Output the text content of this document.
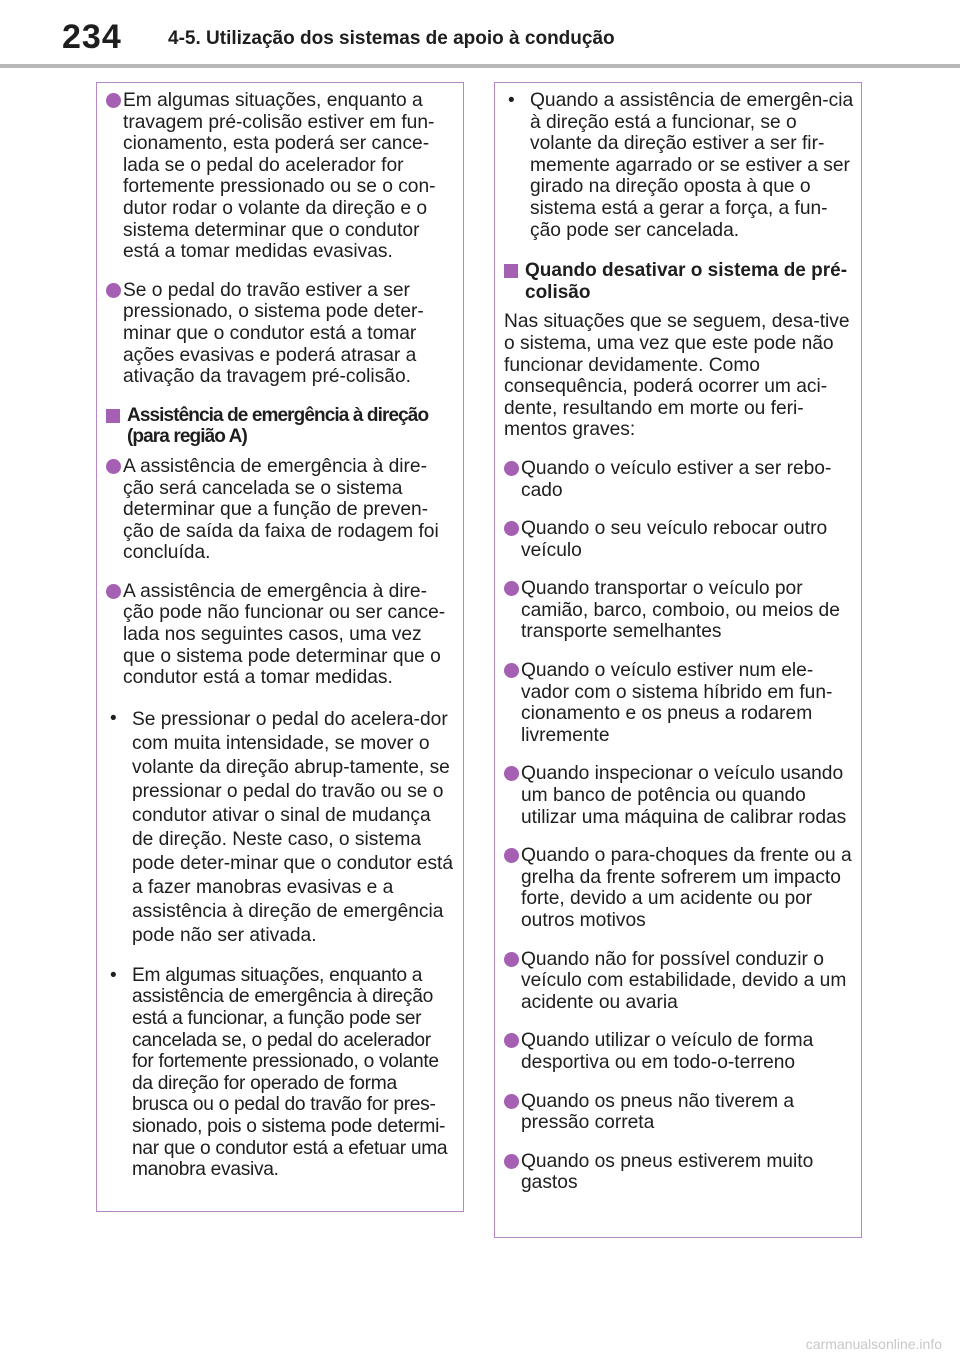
234 4-5. Utilização dos sistemas de apoio à condução
Em algumas situações, enquanto a travagem pré-colisão estiver em fun-cionamento, esta poderá ser cance-lada se o pedal do acelerador for fortemente pressionado ou se o con-dutor rodar o volante da direção e o sistema determinar que o condutor está a tomar medidas evasivas.
Se o pedal do travão estiver a ser pressionado, o sistema pode deter-minar que o condutor está a tomar ações evasivas e poderá atrasar a ativação da travagem pré-colisão.
Assistência de emergência à direção (para região A)
A assistência de emergência à dire-ção será cancelada se o sistema determinar que a função de preven-ção de saída da faixa de rodagem foi concluída.
A assistência de emergência à dire-ção pode não funcionar ou ser cance-lada nos seguintes casos, uma vez que o sistema pode determinar que o condutor está a tomar medidas.
• Se pressionar o pedal do acelera-dor com muita intensidade, se mover o volante da direção abrup-tamente, se pressionar o pedal do travão ou se o condutor ativar o sinal de mudança de direção. Neste caso, o sistema pode deter-minar que o condutor está a fazer manobras evasivas e a assistência à direção de emergência pode não ser ativada.
• Em algumas situações, enquanto a assistência de emergência à direção está a funcionar, a função pode ser cancelada se, o pedal do acelerador for fortemente pressionado, o volante da direção for operado de forma brusca ou o pedal do travão for pres-sionado, pois o sistema pode determi-nar que o condutor está a efetuar uma manobra evasiva.
• Quando a assistência de emergên-cia à direção está a funcionar, se o volante da direção estiver a ser fir-memente agarrado or se estiver a ser girado na direção oposta à que o sistema está a gerar a força, a fun-ção pode ser cancelada.
Quando desativar o sistema de pré-colisão
Nas situações que se seguem, desa-tive o sistema, uma vez que este pode não funcionar devidamente. Como consequência, poderá ocorrer um aci-dente, resultando em morte ou feri-mentos graves:
Quando o veículo estiver a ser rebo-cado
Quando o seu veículo rebocar outro veículo
Quando transportar o veículo por camião, barco, comboio, ou meios de transporte semelhantes
Quando o veículo estiver num ele-vador com o sistema híbrido em fun-cionamento e os pneus a rodarem livremente
Quando inspecionar o veículo usando um banco de potência ou quando utilizar uma máquina de calibrar rodas
Quando o para-choques da frente ou a grelha da frente sofrerem um impacto forte, devido a um acidente ou por outros motivos
Quando não for possível conduzir o veículo com estabilidade, devido a um acidente ou avaria
Quando utilizar o veículo de forma desportiva ou em todo-o-terreno
Quando os pneus não tiverem a pressão correta
Quando os pneus estiverem muito gastos
carmanualsonline.info
